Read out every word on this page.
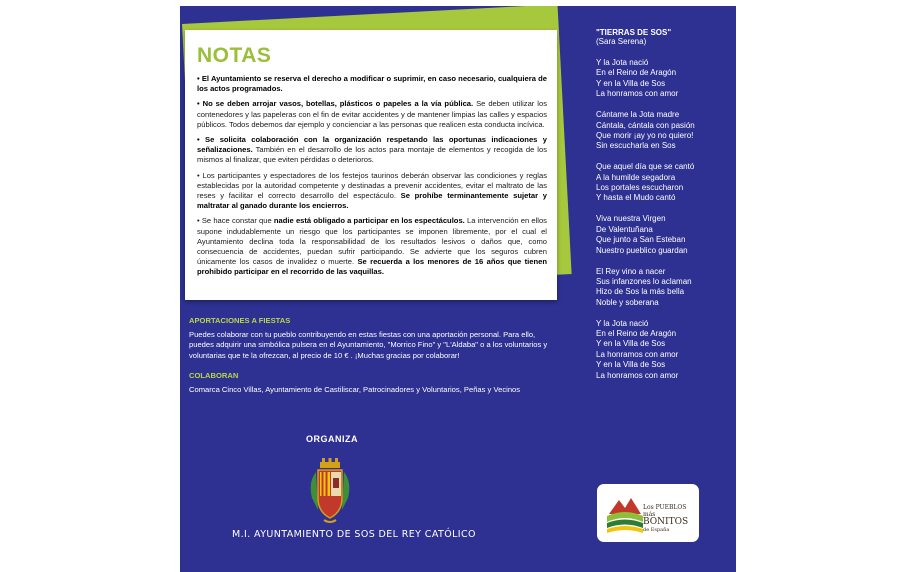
NOTAS

• El Ayuntamiento se reserva el derecho a modificar o suprimir, en caso necesario, cualquiera de los actos programados.

• No se deben arrojar vasos, botellas, plásticos o papeles a la vía pública. Se deben utilizar los contenedores y las papeleras con el fin de evitar accidentes y de mantener limpias las calles y espacios públicos. Todos debemos dar ejemplo y concienciar a las personas que realicen esta conducta incívica.

• Se solicita colaboración con la organización respetando las oportunas indicaciones y señalizaciones. También en el desarrollo de los actos para montaje de elementos y recogida de los mismos al finalizar, que eviten pérdidas o deterioros.

• Los participantes y espectadores de los festejos taurinos deberán observar las condiciones y reglas establecidas por la autoridad competente y destinadas a prevenir accidentes, evitar el maltrato de las reses y facilitar el correcto desarrollo del espectáculo. Se prohíbe terminantemente sujetar y maltratar al ganado durante los encierros.

• Se hace constar que nadie está obligado a participar en los espectáculos. La intervención en ellos supone indudablemente un riesgo que los participantes se imponen libremente, por el cual el Ayuntamiento declina toda la responsabilidad de los resultados lesivos o daños que, como consecuencia de accidentes, puedan sufrir participando. Se advierte que los seguros cubren únicamente los casos de invalidez o muerte. Se recuerda a los menores de 16 años que tienen prohibido participar en el recorrido de las vaquillas.

APORTACIONES A FIESTAS

Puedes colaborar con tu pueblo contribuyendo en estas fiestas con una aportación personal. Para ello, puedes adquirir una simbólica pulsera en el Ayuntamiento, "Morrico Fino" y "L'Aldaba" o a los voluntarios y voluntarias que te la ofrezcan, al precio de 10 € . ¡Muchas gracias por colaborar!

COLABORAN

Comarca Cinco Villas, Ayuntamiento de Castiliscar, Patrocinadores y Voluntarios, Peñas y Vecinos

ORGANIZA
M.I. AYUNTAMIENTO DE SOS DEL REY CATÓLICO

"TIERRAS DE SOS"

(Sara Serena)

Y la Jota nació
En el Reino de Aragón
Y en la Villa de Sos
La honramos con amor
Cántame la Jota madre
Cántala, cántala con pasión
Que morir ¡ay yo no quiero!
Sin escucharla en Sos
Que aquel día que se cantó
A la humilde segadora
Los portales escucharon
Y hasta el Mudo cantó
Viva nuestra Virgen
De Valentuñana
Que junto a San Esteban
Nuestro pueblico guardan
El Rey vino a nacer
Sus infanzones lo aclaman
Hizo de Sos la más bella
Noble y soberana
Y la Jota nació
En el Reino de Aragón
Y en la Villa de Sos
La honramos con amor
Y en la Villa de Sos
La honramos con amor
Los PUEBLOS más
BONITOS
de España
